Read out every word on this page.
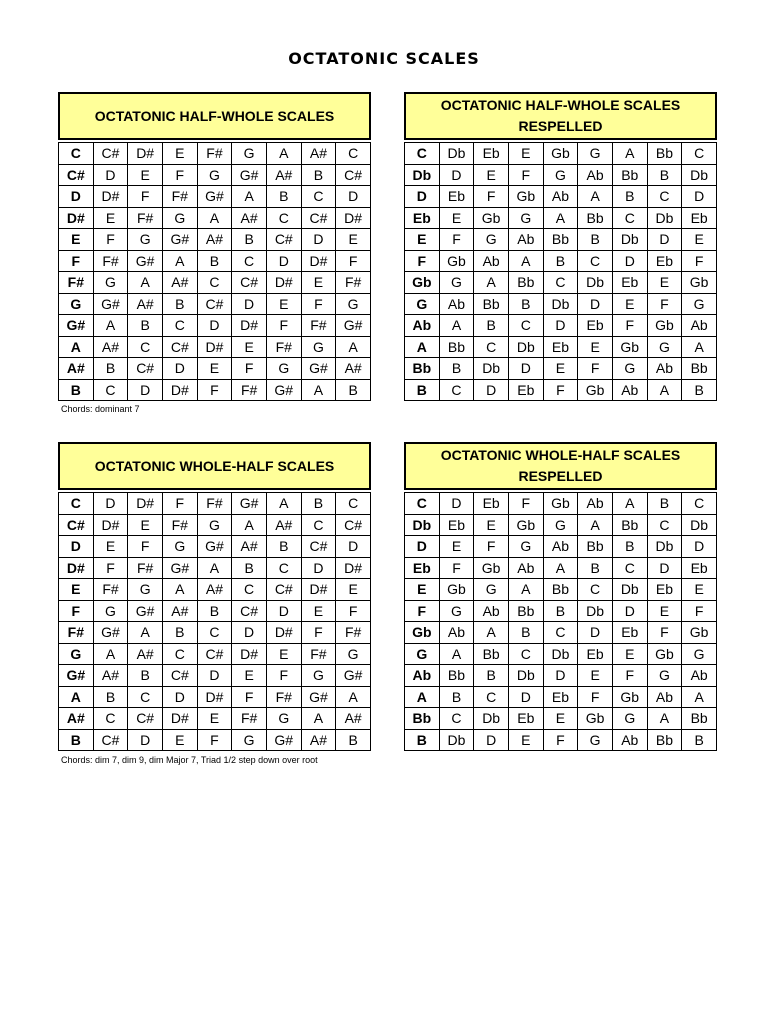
OCTATONIC SCALES
OCTATONIC HALF-WHOLE SCALES
C	C#	D#	E	F#	G	A	A#	C
C#	D	E	F	G	G#	A#	B	C#
D	D#	F	F#	G#	A	B	C	D
D#	E	F#	G	A	A#	C	C#	D#
E	F	G	G#	A#	B	C#	D	E
F	F#	G#	A	B	C	D	D#	F
F#	G	A	A#	C	C#	D#	E	F#
G	G#	A#	B	C#	D	E	F	G
G#	A	B	C	D	D#	F	F#	G#
A	A#	C	C#	D#	E	F#	G	A
A#	B	C#	D	E	F	G	G#	A#
B	C	D	D#	F	F#	G#	A	B
OCTATONIC HALF-WHOLE SCALES RESPELLED
C	Db	Eb	E	Gb	G	A	Bb	C
Db	D	E	F	G	Ab	Bb	B	Db
D	Eb	F	Gb	Ab	A	B	C	D
Eb	E	Gb	G	A	Bb	C	Db	Eb
E	F	G	Ab	Bb	B	Db	D	E
F	Gb	Ab	A	B	C	D	Eb	F
Gb	G	A	Bb	C	Db	Eb	E	Gb
G	Ab	Bb	B	Db	D	E	F	G
Ab	A	B	C	D	Eb	F	Gb	Ab
A	Bb	C	Db	Eb	E	Gb	G	A
Bb	B	Db	D	E	F	G	Ab	Bb
B	C	D	Eb	F	Gb	Ab	A	B
Chords: dominant 7
OCTATONIC WHOLE-HALF SCALES
C	D	D#	F	F#	G#	A	B	C
C#	D#	E	F#	G	A	A#	C	C#
D	E	F	G	G#	A#	B	C#	D
D#	F	F#	G#	A	B	C	D	D#
E	F#	G	A	A#	C	C#	D#	E
F	G	G#	A#	B	C#	D	E	F
F#	G#	A	B	C	D	D#	F	F#
G	A	A#	C	C#	D#	E	F#	G
G#	A#	B	C#	D	E	F	G	G#
A	B	C	D	D#	F	F#	G#	A
A#	C	C#	D#	E	F#	G	A	A#
B	C#	D	E	F	G	G#	A#	B
OCTATONIC WHOLE-HALF SCALES RESPELLED
C	D	Eb	F	Gb	Ab	A	B	C
Db	Eb	E	Gb	G	A	Bb	C	Db
D	E	F	G	Ab	Bb	B	Db	D
Eb	F	Gb	Ab	A	B	C	D	Eb
E	Gb	G	A	Bb	C	Db	Eb	E
F	G	Ab	Bb	B	Db	D	E	F
Gb	Ab	A	B	C	D	Eb	F	Gb
G	A	Bb	C	Db	Eb	E	Gb	G
Ab	Bb	B	Db	D	E	F	G	Ab
A	B	C	D	Eb	F	Gb	Ab	A
Bb	C	Db	Eb	E	Gb	G	A	Bb
B	Db	D	E	F	G	Ab	Bb	B
Chords: dim 7, dim 9, dim Major 7, Triad 1/2 step down over root
